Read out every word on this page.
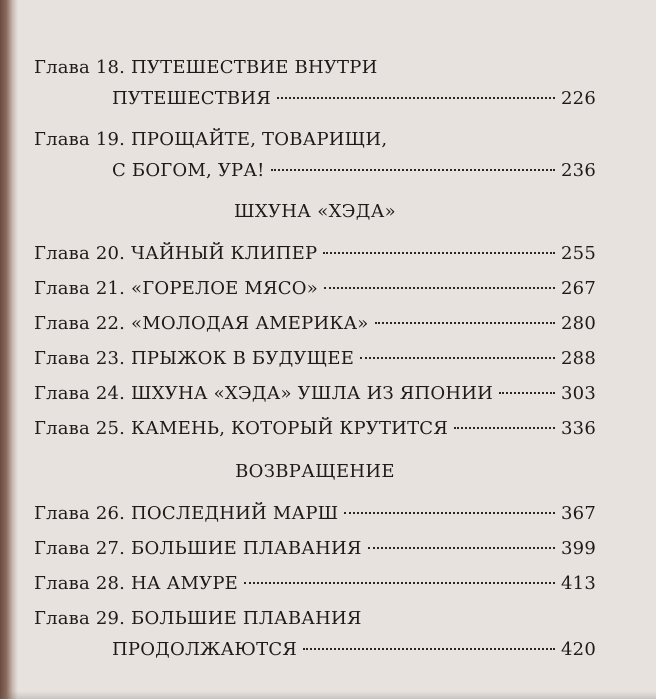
Глава 18. ПУТЕШЕСТВИЕ ВНУТРИ
ПУТЕШЕСТВИЯ	226
Глава 19. ПРОЩАЙТЕ, ТОВАРИЩИ,
С БОГОМ, УРА!	236
ШХУНА «ХЭДА»
Глава 20. ЧАЙНЫЙ КЛИПЕР	255
Глава 21. «ГОРЕЛОЕ МЯСО»	267
Глава 22. «МОЛОДАЯ АМЕРИКА»	280
Глава 23. ПРЫЖОК В БУДУЩЕЕ	288
Глава 24. ШХУНА «ХЭДА» УШЛА ИЗ ЯПОНИИ	303
Глава 25. КАМЕНЬ, КОТОРЫЙ КРУТИТСЯ	336
ВОЗВРАЩЕНИЕ
Глава 26. ПОСЛЕДНИЙ МАРШ	367
Глава 27. БОЛЬШИЕ ПЛАВАНИЯ	399
Глава 28. НА АМУРЕ	413
Глава 29. БОЛЬШИЕ ПЛАВАНИЯ
ПРОДОЛЖАЮТСЯ	420
